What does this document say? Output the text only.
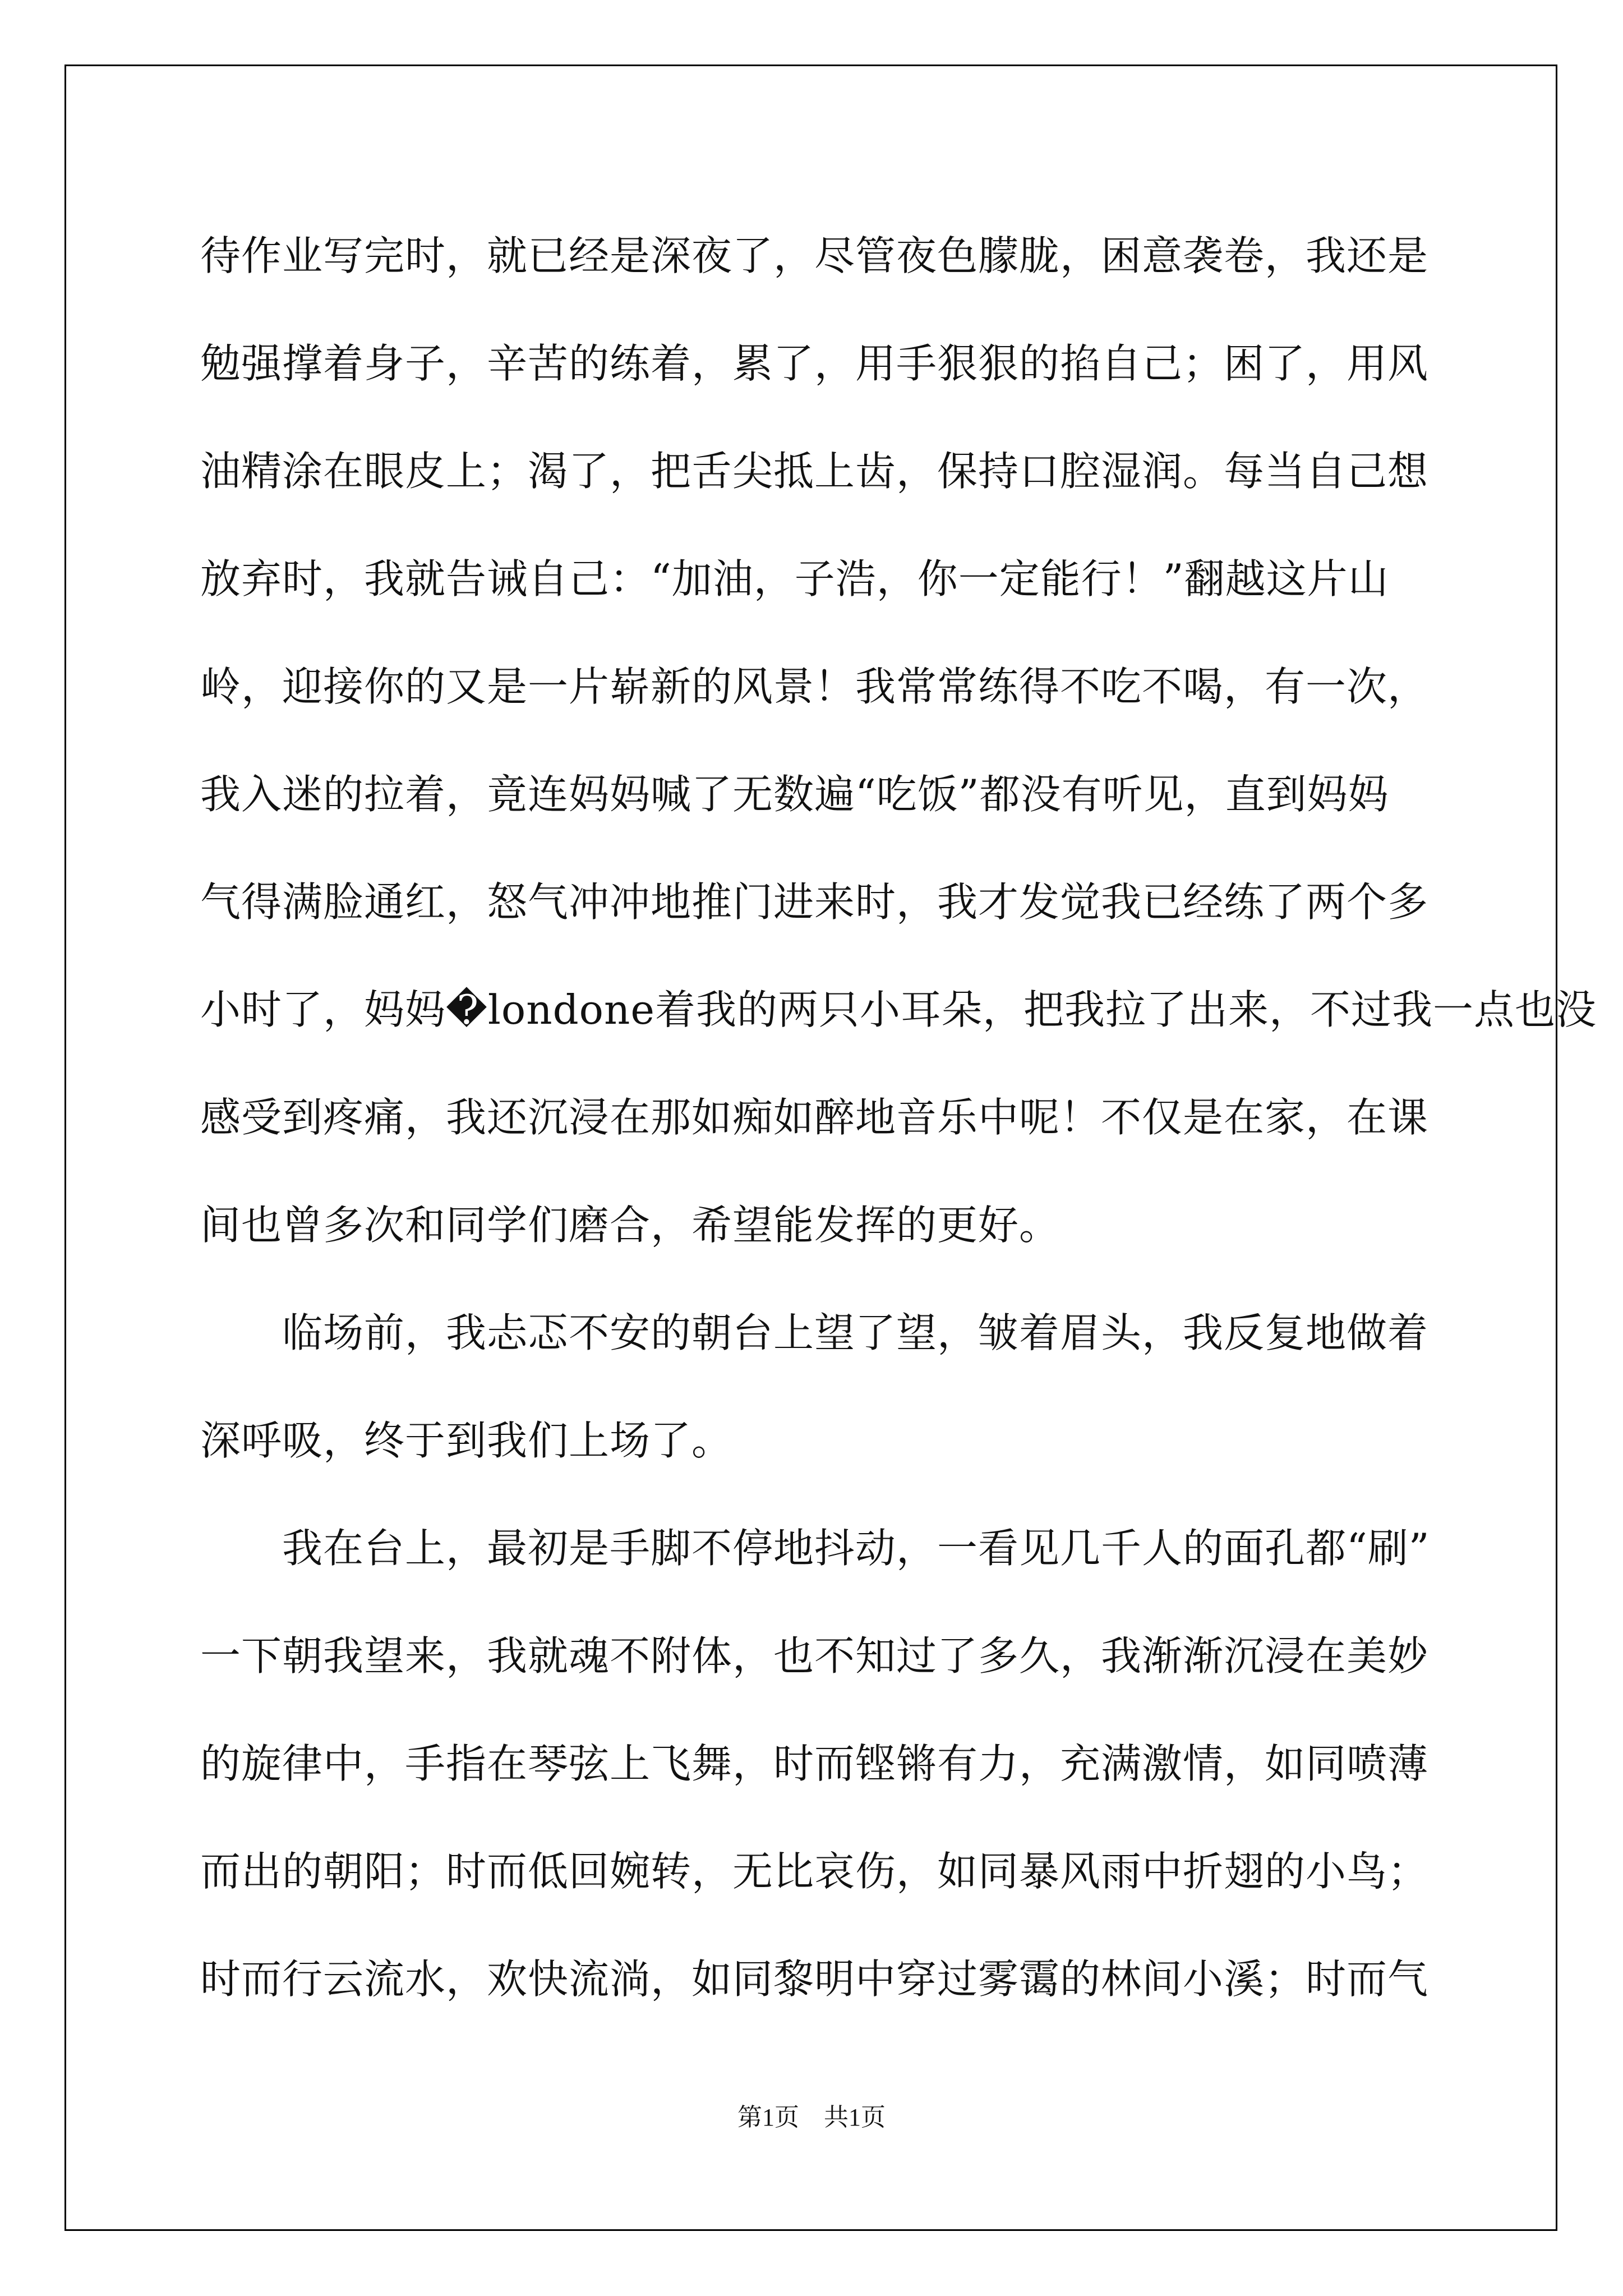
待作业写完时，就已经是深夜了，尽管夜色朦胧，困意袭卷，我还是
勉强撑着身子，辛苦的练着，累了，用手狠狠的掐自己；困了，用风
油精涂在眼皮上；渴了，把舌尖抵上齿，保持口腔湿润。每当自己想
放弃时，我就告诫自己：“加油，子浩，你一定能行！”翻越这片山
岭，迎接你的又是一片崭新的风景！我常常练得不吃不喝，有一次，
我入迷的拉着，竟连妈妈喊了无数遍“吃饭”都没有听见，直到妈妈
气得满脸通红，怒气冲冲地推门进来时，我才发觉我已经练了两个多
小时了，妈妈�londone着我的两只小耳朵，把我拉了出来，不过我一点也没
感受到疼痛，我还沉浸在那如痴如醉地音乐中呢！不仅是在家，在课
间也曾多次和同学们磨合，希望能发挥的更好。
　　临场前，我忐忑不安的朝台上望了望，皱着眉头，我反复地做着
深呼吸，终于到我们上场了。
　　我在台上，最初是手脚不停地抖动，一看见几千人的面孔都“刷”
一下朝我望来，我就魂不附体，也不知过了多久，我渐渐沉浸在美妙
的旋律中，手指在琴弦上飞舞，时而铿锵有力，充满激情，如同喷薄
而出的朝阳；时而低回婉转，无比哀伤，如同暴风雨中折翅的小鸟；
时而行云流水，欢快流淌，如同黎明中穿过雾霭的林间小溪；时而气
第1页　共1页
